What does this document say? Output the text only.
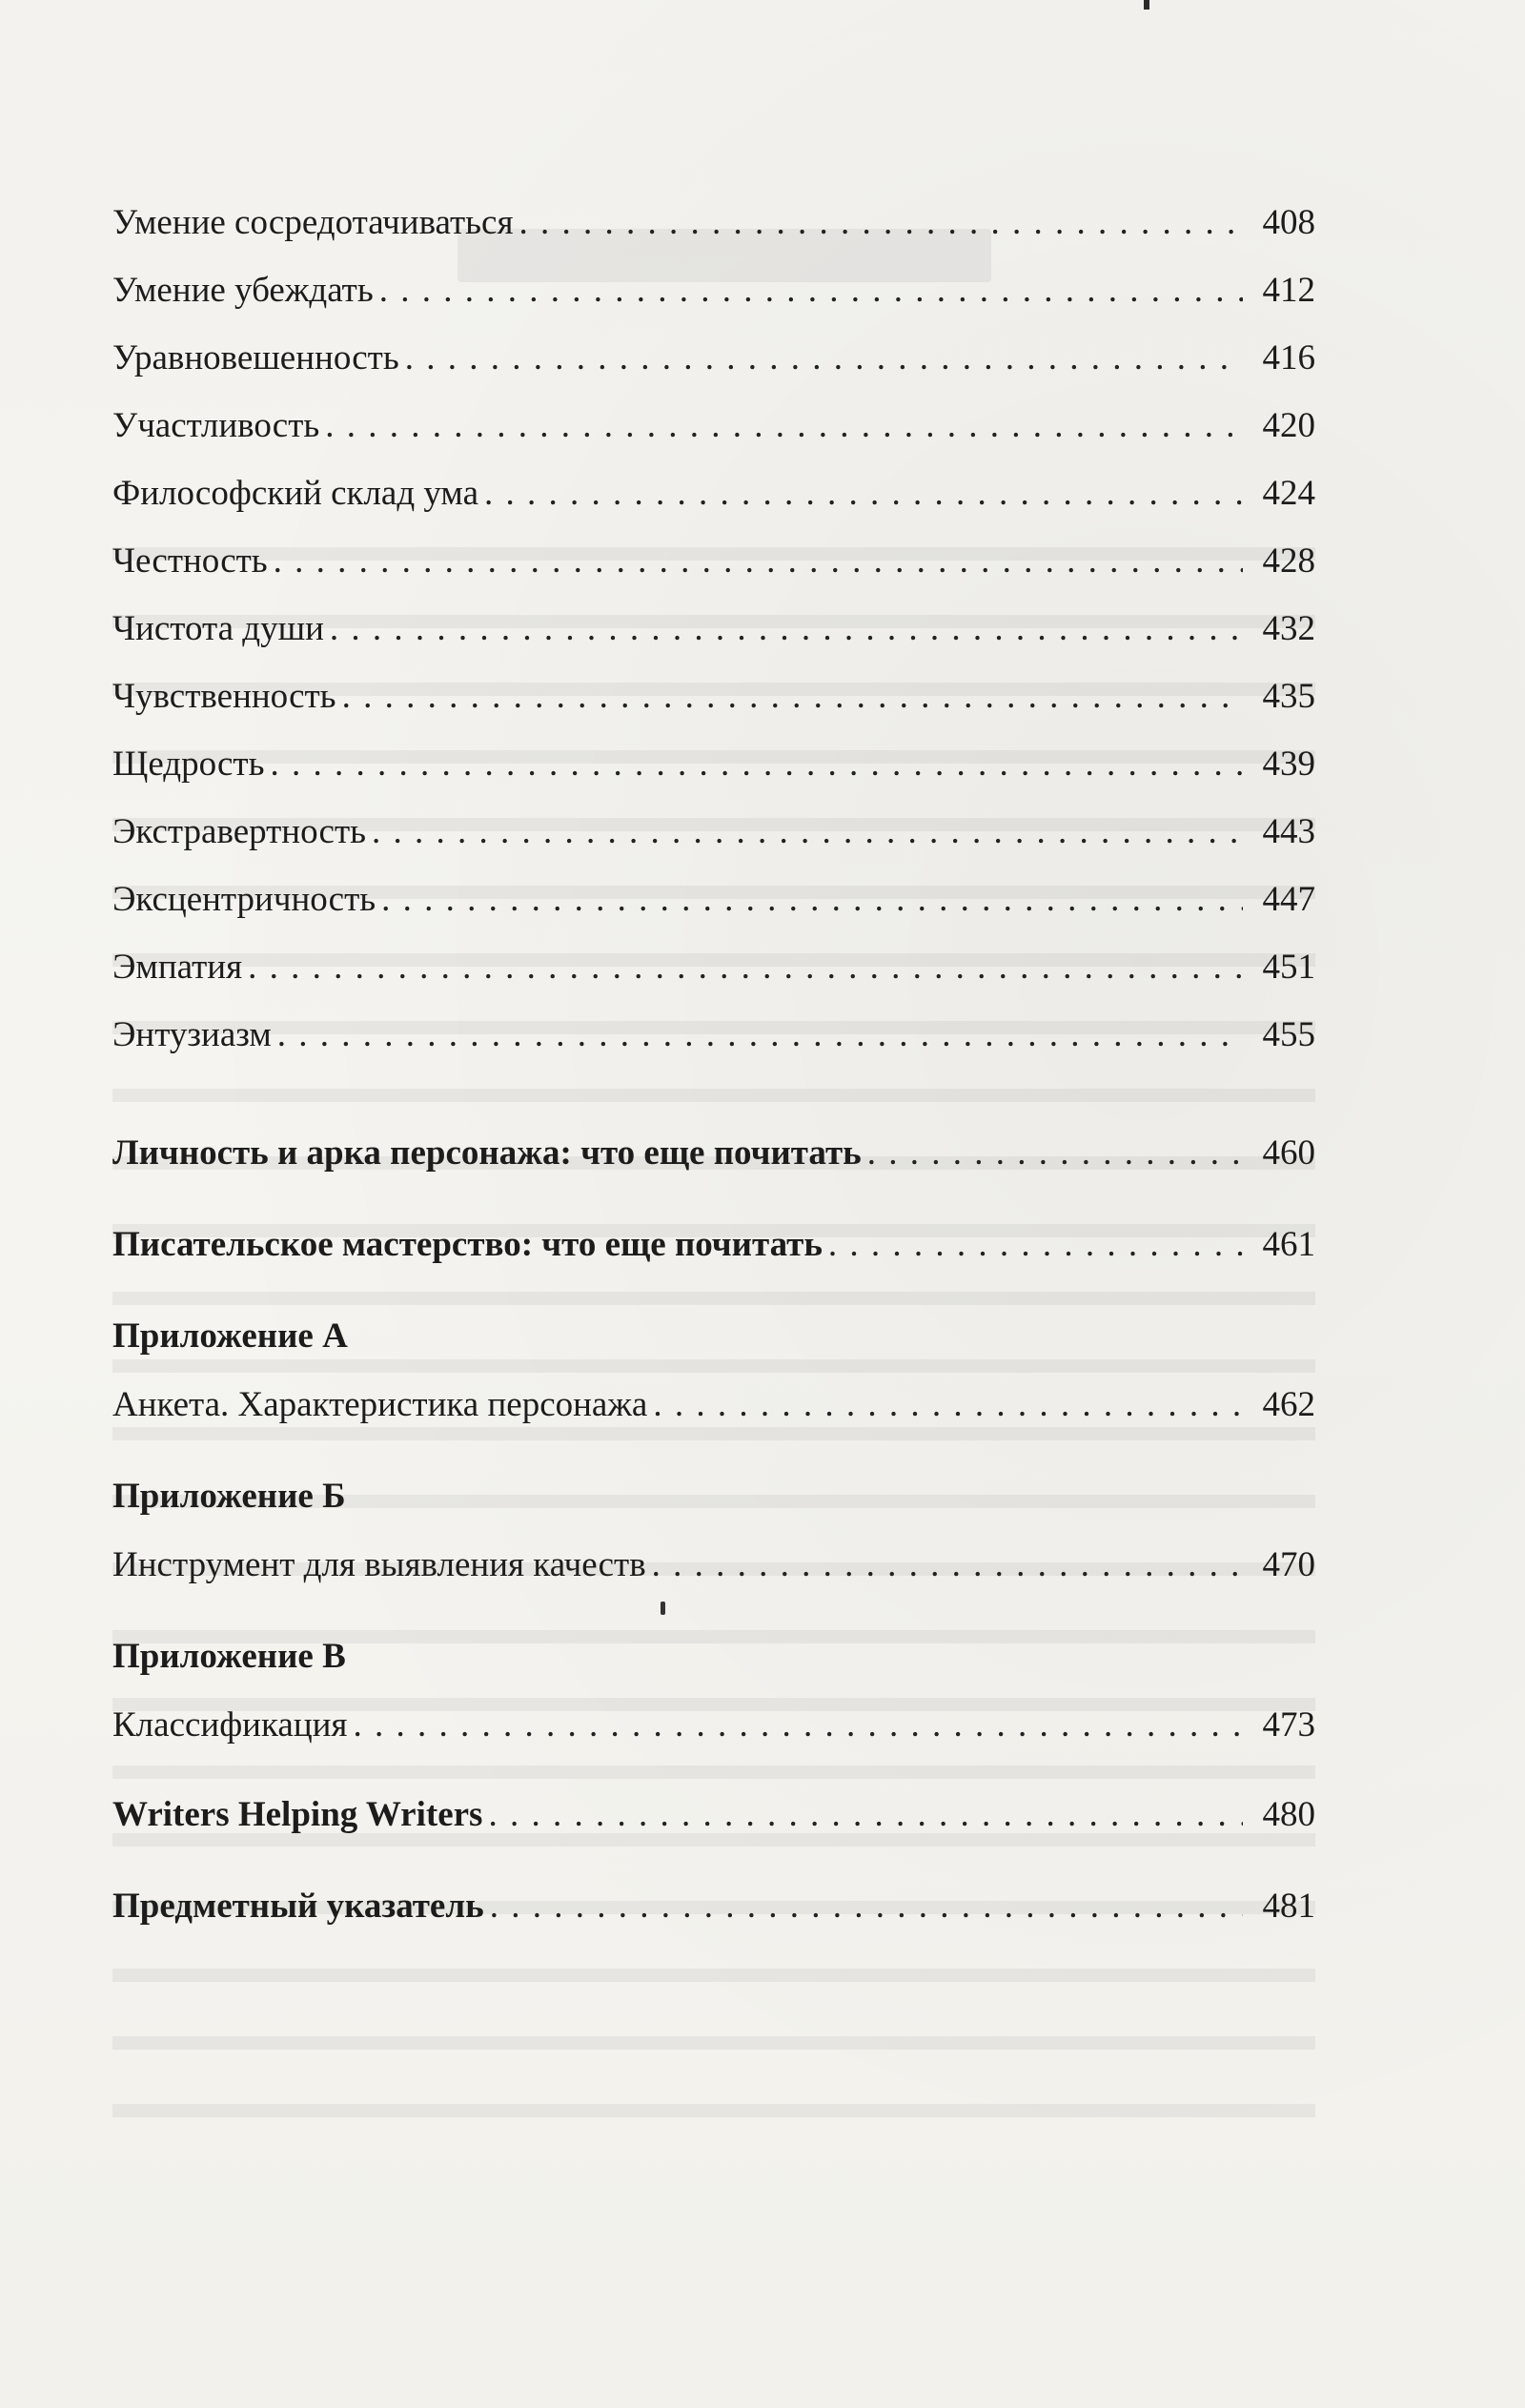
Умение сосредотачиваться . . .	408
Умение убеждать . . .	412
Уравновешенность . . .	416
Участливость . . .	420
Философский склад ума . . .	424
Честность . . .	428
Чистота души . . .	432
Чувственность . . .	435
Щедрость . . .	439
Экстравертность . . .	443
Эксцентричность . . .	447
Эмпатия . . .	451
Энтузиазм . . .	455
Личность и арка персонажа: что еще почитать . . .	460
Писательское мастерство: что еще почитать . . .	461
Приложение А
Анкета. Характеристика персонажа . . .	462
Приложение Б
Инструмент для выявления качеств . . .	470
Приложение В
Классификация . . .	473
Writers Helping Writers . . .	480
Предметный указатель . . .	481
